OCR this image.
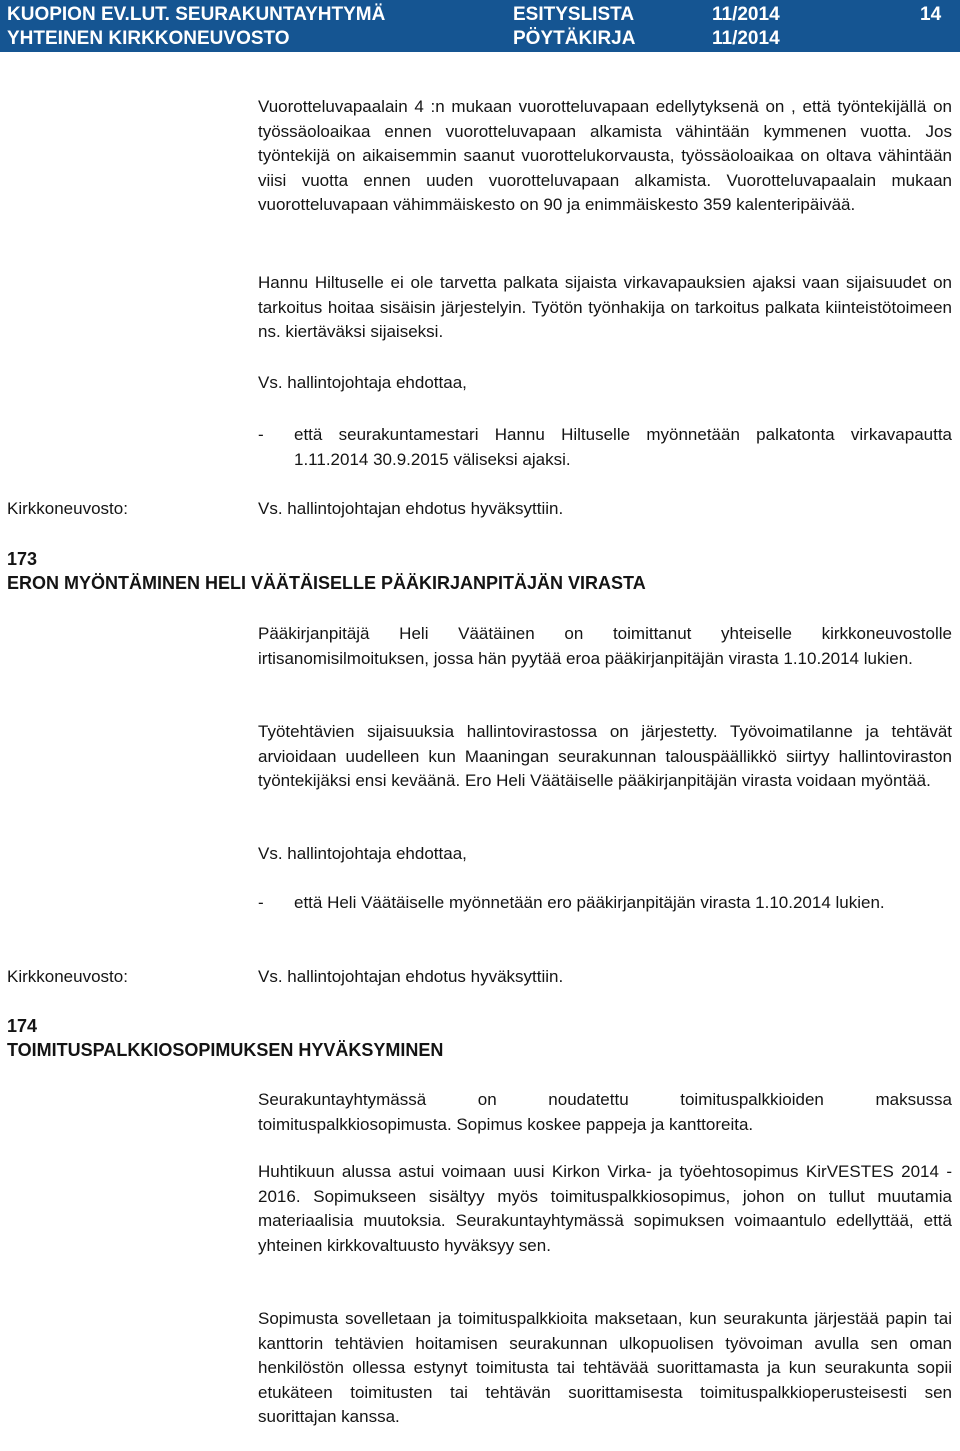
KUOPION EV.LUT. SEURAKUNTAYHTYMÄ	ESITYSLISTA	11/2014
YHTEINEN KIRKKONEUVOSTO	PÖYTÄKIRJA	11/2014
14

Vuorotteluvapaalain 4 :n mukaan vuorotteluvapaan edellytyksenä on , että työntekijällä on työssäoloaikaa ennen vuorotteluvapaan alkamista vähintään kymmenen vuotta. Jos työntekijä on aikaisemmin saanut vuorottelukorvausta, työssäoloaikaa on oltava vähintään viisi vuotta ennen uuden vuorotteluvapaan alkamista. Vuorotteluvapaalain mukaan vuorotteluvapaan vähimmäiskesto on 90 ja enimmäiskesto 359 kalenteripäivää.

Hannu Hiltuselle ei ole tarvetta palkata sijaista virkavapauksien ajaksi vaan sijaisuudet on tarkoitus hoitaa sisäisin järjestelyin. Työtön työnhakija on tarkoitus palkata kiinteistötoimeen ns. kiertäväksi sijaiseksi.

Vs. hallintojohtaja ehdottaa,
- että seurakuntamestari Hannu Hiltuselle myönnetään palkatonta virkavapautta 1.11.2014 30.9.2015 väliseksi ajaksi.
Kirkkoneuvosto:	Vs. hallintojohtajan ehdotus hyväksyttiin.
173
ERON MYÖNTÄMINEN HELI VÄÄTÄISELLE PÄÄKIRJANPITÄJÄN VIRASTA

Pääkirjanpitäjä Heli Väätäinen on toimittanut yhteiselle kirkkoneuvostolle irtisanomisilmoituksen, jossa hän pyytää eroa pääkirjanpitäjän virasta 1.10.2014 lukien.

Työtehtävien sijaisuuksia hallintovirastossa on järjestetty. Työvoimatilanne ja tehtävät arvioidaan uudelleen kun Maaningan seurakunnan talouspäällikkö siirtyy hallintoviraston työntekijäksi ensi keväänä. Ero Heli Väätäiselle pääkirjanpitäjän virasta voidaan myöntää.

Vs. hallintojohtaja ehdottaa,
- että Heli Väätäiselle myönnetään ero pääkirjanpitäjän virasta 1.10.2014 lukien.
Kirkkoneuvosto:	Vs. hallintojohtajan ehdotus hyväksyttiin.
174
TOIMITUSPALKKIOSOPIMUKSEN HYVÄKSYMINEN

Seurakuntayhtymässä on noudatettu toimituspalkkioiden maksussa toimituspalkkiosopimusta. Sopimus koskee pappeja ja kanttoreita.

Huhtikuun alussa astui voimaan uusi Kirkon Virka- ja työehtosopimus KirVESTES 2014 - 2016. Sopimukseen sisältyy myös toimituspalkkiosopimus, johon on tullut muutamia materiaalisia muutoksia. Seurakuntayhtymässä sopimuksen voimaantulo edellyttää, että yhteinen kirkkovaltuusto hyväksyy sen.

Sopimusta sovelletaan ja toimituspalkkioita maksetaan, kun seurakunta järjestää papin tai kanttorin tehtävien hoitamisen seurakunnan ulkopuolisen työvoiman avulla sen oman henkilöstön ollessa estynyt toimitusta tai tehtävää suorittamasta ja kun seurakunta sopii etukäteen toimitusten tai tehtävän suorittamisesta toimituspalkkioperusteisesti sen suorittajan kanssa.
